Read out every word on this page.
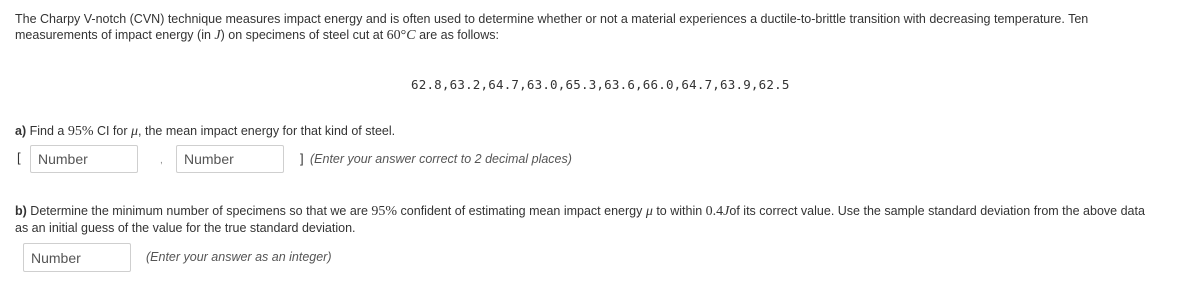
The Charpy V-notch (CVN) technique measures impact energy and is often used to determine whether or not a material experiences a ductile-to-brittle transition with decreasing temperature. Ten
measurements of impact energy (in J) on specimens of steel cut at 60°C are as follows:
62.8,63.2,64.7,63.0,65.3,63.6,66.0,64.7,63.9,62.5
a) Find a 95% CI for μ, the mean impact energy for that kind of steel.
[
Number	,
Number	] (Enter your answer correct to 2 decimal places)
b) Determine the minimum number of specimens so that we are 95% confident of estimating mean impact energy μ to within 0.4Jof its correct value. Use the sample standard deviation from the above data
as an initial guess of the value for the true standard deviation.
Number
(Enter your answer as an integer)
